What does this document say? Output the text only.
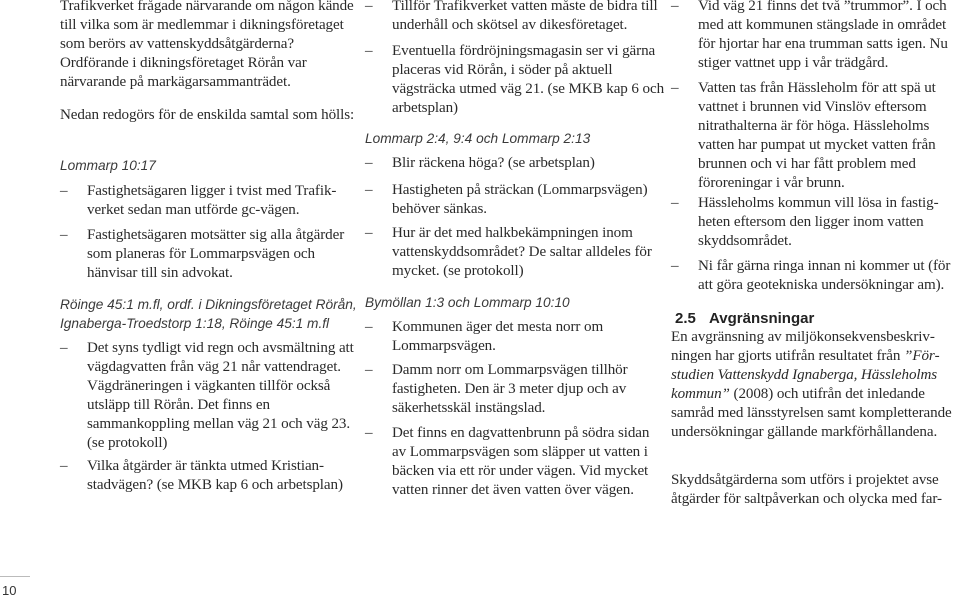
Trafikverket frågade närvarande om någon kände till vilka som är medlemmar i dikningsföretaget som berörs av vattenskyddsåtgärderna? Ordförande i dikningsföretaget Rörån var närvarande på markägarsammanträdet.

Nedan redogörs för de enskilda samtal som hölls:

Lommarp 10:17

– Fastighetsägaren ligger i tvist med Trafikverket sedan man utförde gc-vägen.

– Fastighetsägaren motsätter sig alla åtgärder som planeras för Lommarpsvägen och hänvisar till sin advokat.

Röinge 45:1 m.fl, ordf. i Dikningsföretaget Rörån, Ignaberga-Troedstorp 1:18, Röinge 45:1 m.fl

– Det syns tydligt vid regn och avsmältning att vägdagvatten från väg 21 når vattendraget. Vägdräneringen i vägkanten tillför också utsläpp till Rörån. Det finns en sammankoppling mellan väg 21 och väg 23. (se protokoll)

– Vilka åtgärder är tänkta utmed Kristianstadvägen? (se MKB kap 6 och arbetsplan)

– Tillför Trafikverket vatten måste de bidra till underhåll och skötsel av dikesföretaget.

– Eventuella fördröjningsmagasin ser vi gärna placeras vid Rörån, i söder på aktuell vägsträcka utmed väg 21. (se MKB kap 6 och arbetsplan)

Lommarp 2:4, 9:4 och Lommarp 2:13

– Blir räckena höga? (se arbetsplan)

– Hastigheten på sträckan (Lommarpsvägen) behöver sänkas.

– Hur är det med halkbekämpningen inom vattenskyddsområdet? De saltar alldeles för mycket. (se protokoll)

Bymöllan 1:3 och Lommarp 10:10

– Kommunen äger det mesta norr om Lommarpsvägen.

– Damm norr om Lommarpsvägen tillhör fastigheten. Den är 3 meter djup och av säkerhetsskäl instängslad.

– Det finns en dagvattenbrunn på södra sidan av Lommarpsvägen som släpper ut vatten i bäcken via ett rör under vägen. Vid mycket vatten rinner det även vatten över vägen.

– Vid väg 21 finns det två ”trummor”. I och med att kommunen stängslade in området för hjortar har ena trumman satts igen. Nu stiger vattnet upp i vår trädgård.

– Vatten tas från Hässleholm för att spä ut vattnet i brunnen vid Vinslöv eftersom nitrathalterna är för höga. Hässleholms vatten har pumpat ut mycket vatten från brunnen och vi har fått problem med föroreningar i vår brunn.

– Hässleholms kommun vill lösa in fastigheten eftersom den ligger inom vatten skyddsområdet.

– Ni får gärna ringa innan ni kommer ut (för att göra geotekniska undersökningar am).

2.5 Avgränsningar

En avgränsning av miljökonsekvensbeskrivningen har gjorts utifrån resultatet från ”Förstudien Vattenskydd Ignaberga, Hässleholms kommun” (2008) och utifrån det inledande samråd med länsstyrelsen samt kompletterande undersökningar gällande markförhållandena.

Skyddsåtgärderna som utförs i projektet avse åtgärder för saltpåverkan och olycka med far-

10
